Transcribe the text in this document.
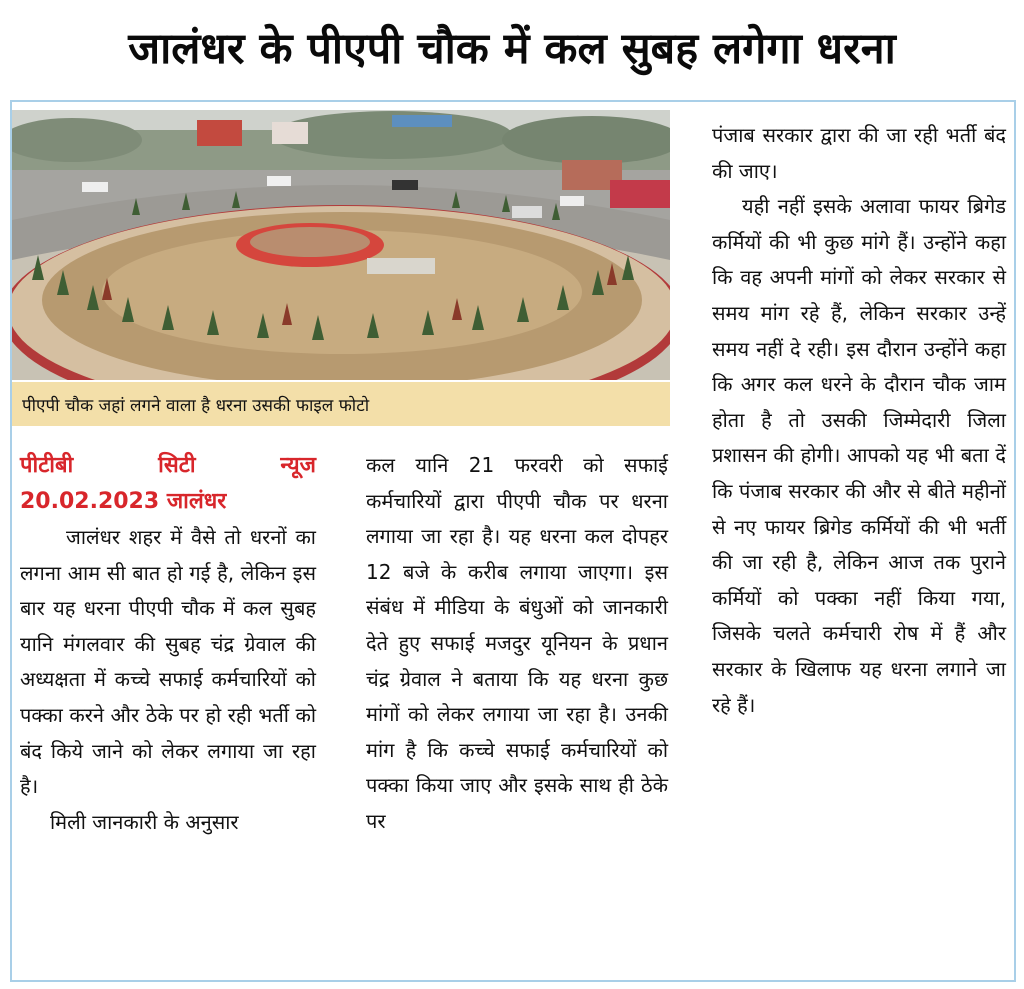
जालंधर के पीएपी चौक में कल सुबह लगेगा धरना
पीएपी चौक जहां लगने वाला है धरना उसकी फाइल फोटो
पीटीबी	सिटी	न्यूज
20.02.2023 जालंधर

जालंधर शहर में वैसे तो धरनों का लगना आम सी बात हो गई है, लेकिन इस बार यह धरना पीएपी चौक में कल सुबह यानि मंगलवार की सुबह चंद्र ग्रेवाल की अध्यक्षता में कच्चे सफाई कर्मचारियों को पक्का करने और ठेके पर हो रही भर्ती को बंद किये जाने को लेकर लगाया जा रहा है।

मिली जानकारी के अनुसार

कल यानि 21 फरवरी को सफाई कर्मचारियों द्वारा पीएपी चौक पर धरना लगाया जा रहा है। यह धरना कल दोपहर 12 बजे के करीब लगाया जाएगा। इस संबंध में मीडिया के बंधुओं को जानकारी देते हुए सफाई मजदुर यूनियन के प्रधान चंद्र ग्रेवाल ने बताया कि यह धरना कुछ मांगों को लेकर लगाया जा रहा है। उनकी मांग है कि कच्चे सफाई कर्मचारियों को पक्का किया जाए और इसके साथ ही ठेके पर

पंजाब सरकार द्वारा की जा रही भर्ती बंद की जाए।

यही नहीं इसके अलावा फायर ब्रिगेड कर्मियों की भी कुछ मांगे हैं। उन्होंने कहा कि वह अपनी मांगों को लेकर सरकार से समय मांग रहे हैं, लेकिन सरकार उन्हें समय नहीं दे रही। इस दौरान उन्होंने कहा कि अगर कल धरने के दौरान चौक जाम होता है तो उसकी जिम्मेदारी जिला प्रशासन की होगी। आपको यह भी बता दें कि पंजाब सरकार की और से बीते महीनों से नए फायर ब्रिगेड कर्मियों की भी भर्ती की जा रही है, लेकिन आज तक पुराने कर्मियों को पक्का नहीं किया गया, जिसके चलते कर्मचारी रोष में हैं और सरकार के खिलाफ यह धरना लगाने जा रहे हैं।
